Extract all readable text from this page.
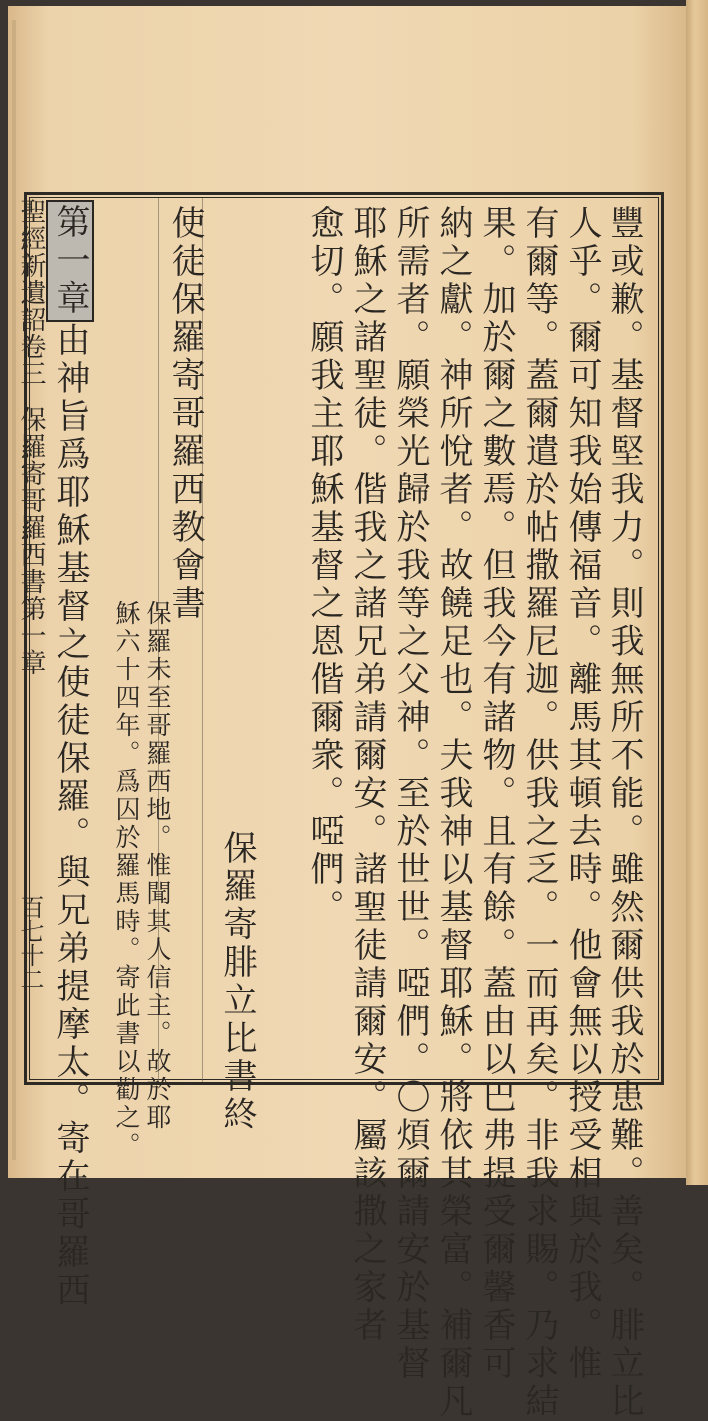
聖經新遺詔卷三 保羅寄哥羅西書第一章
百七十二	豐或歉。基督堅我力。則我無所不能。雖然爾供我於患難。善矣。腓立比
人乎。爾可知我始傳福音。離馬其頓去時。他會無以授受相與於我。惟
有爾等。蓋爾遣於帖撒羅尼迦。供我之乏。一而再矣。非我求賜。乃求結
果。加於爾之數焉。但我今有諸物。且有餘。蓋由以巴弗提受爾馨香可
納之獻。神所悅者。故饒足也。夫我神以基督耶穌。將依其榮富。補爾凡
所需者。願榮光歸於我等之父神。至於世世。啞們。〇煩爾請安於基督
耶穌之諸聖徒。偕我之諸兄弟請爾安。諸聖徒請爾安。屬該撒之家者
愈切。願我主耶穌基督之恩偕爾衆。啞們。
保羅寄腓立比書終
使徒保羅寄哥羅西教會書
保羅未至哥羅西地。惟聞其人信主。故於耶
穌六十四年。爲囚於羅馬時。寄此書以勸之。
第一章由神旨爲耶穌基督之使徒保羅。與兄弟提摩太。寄在哥羅西
